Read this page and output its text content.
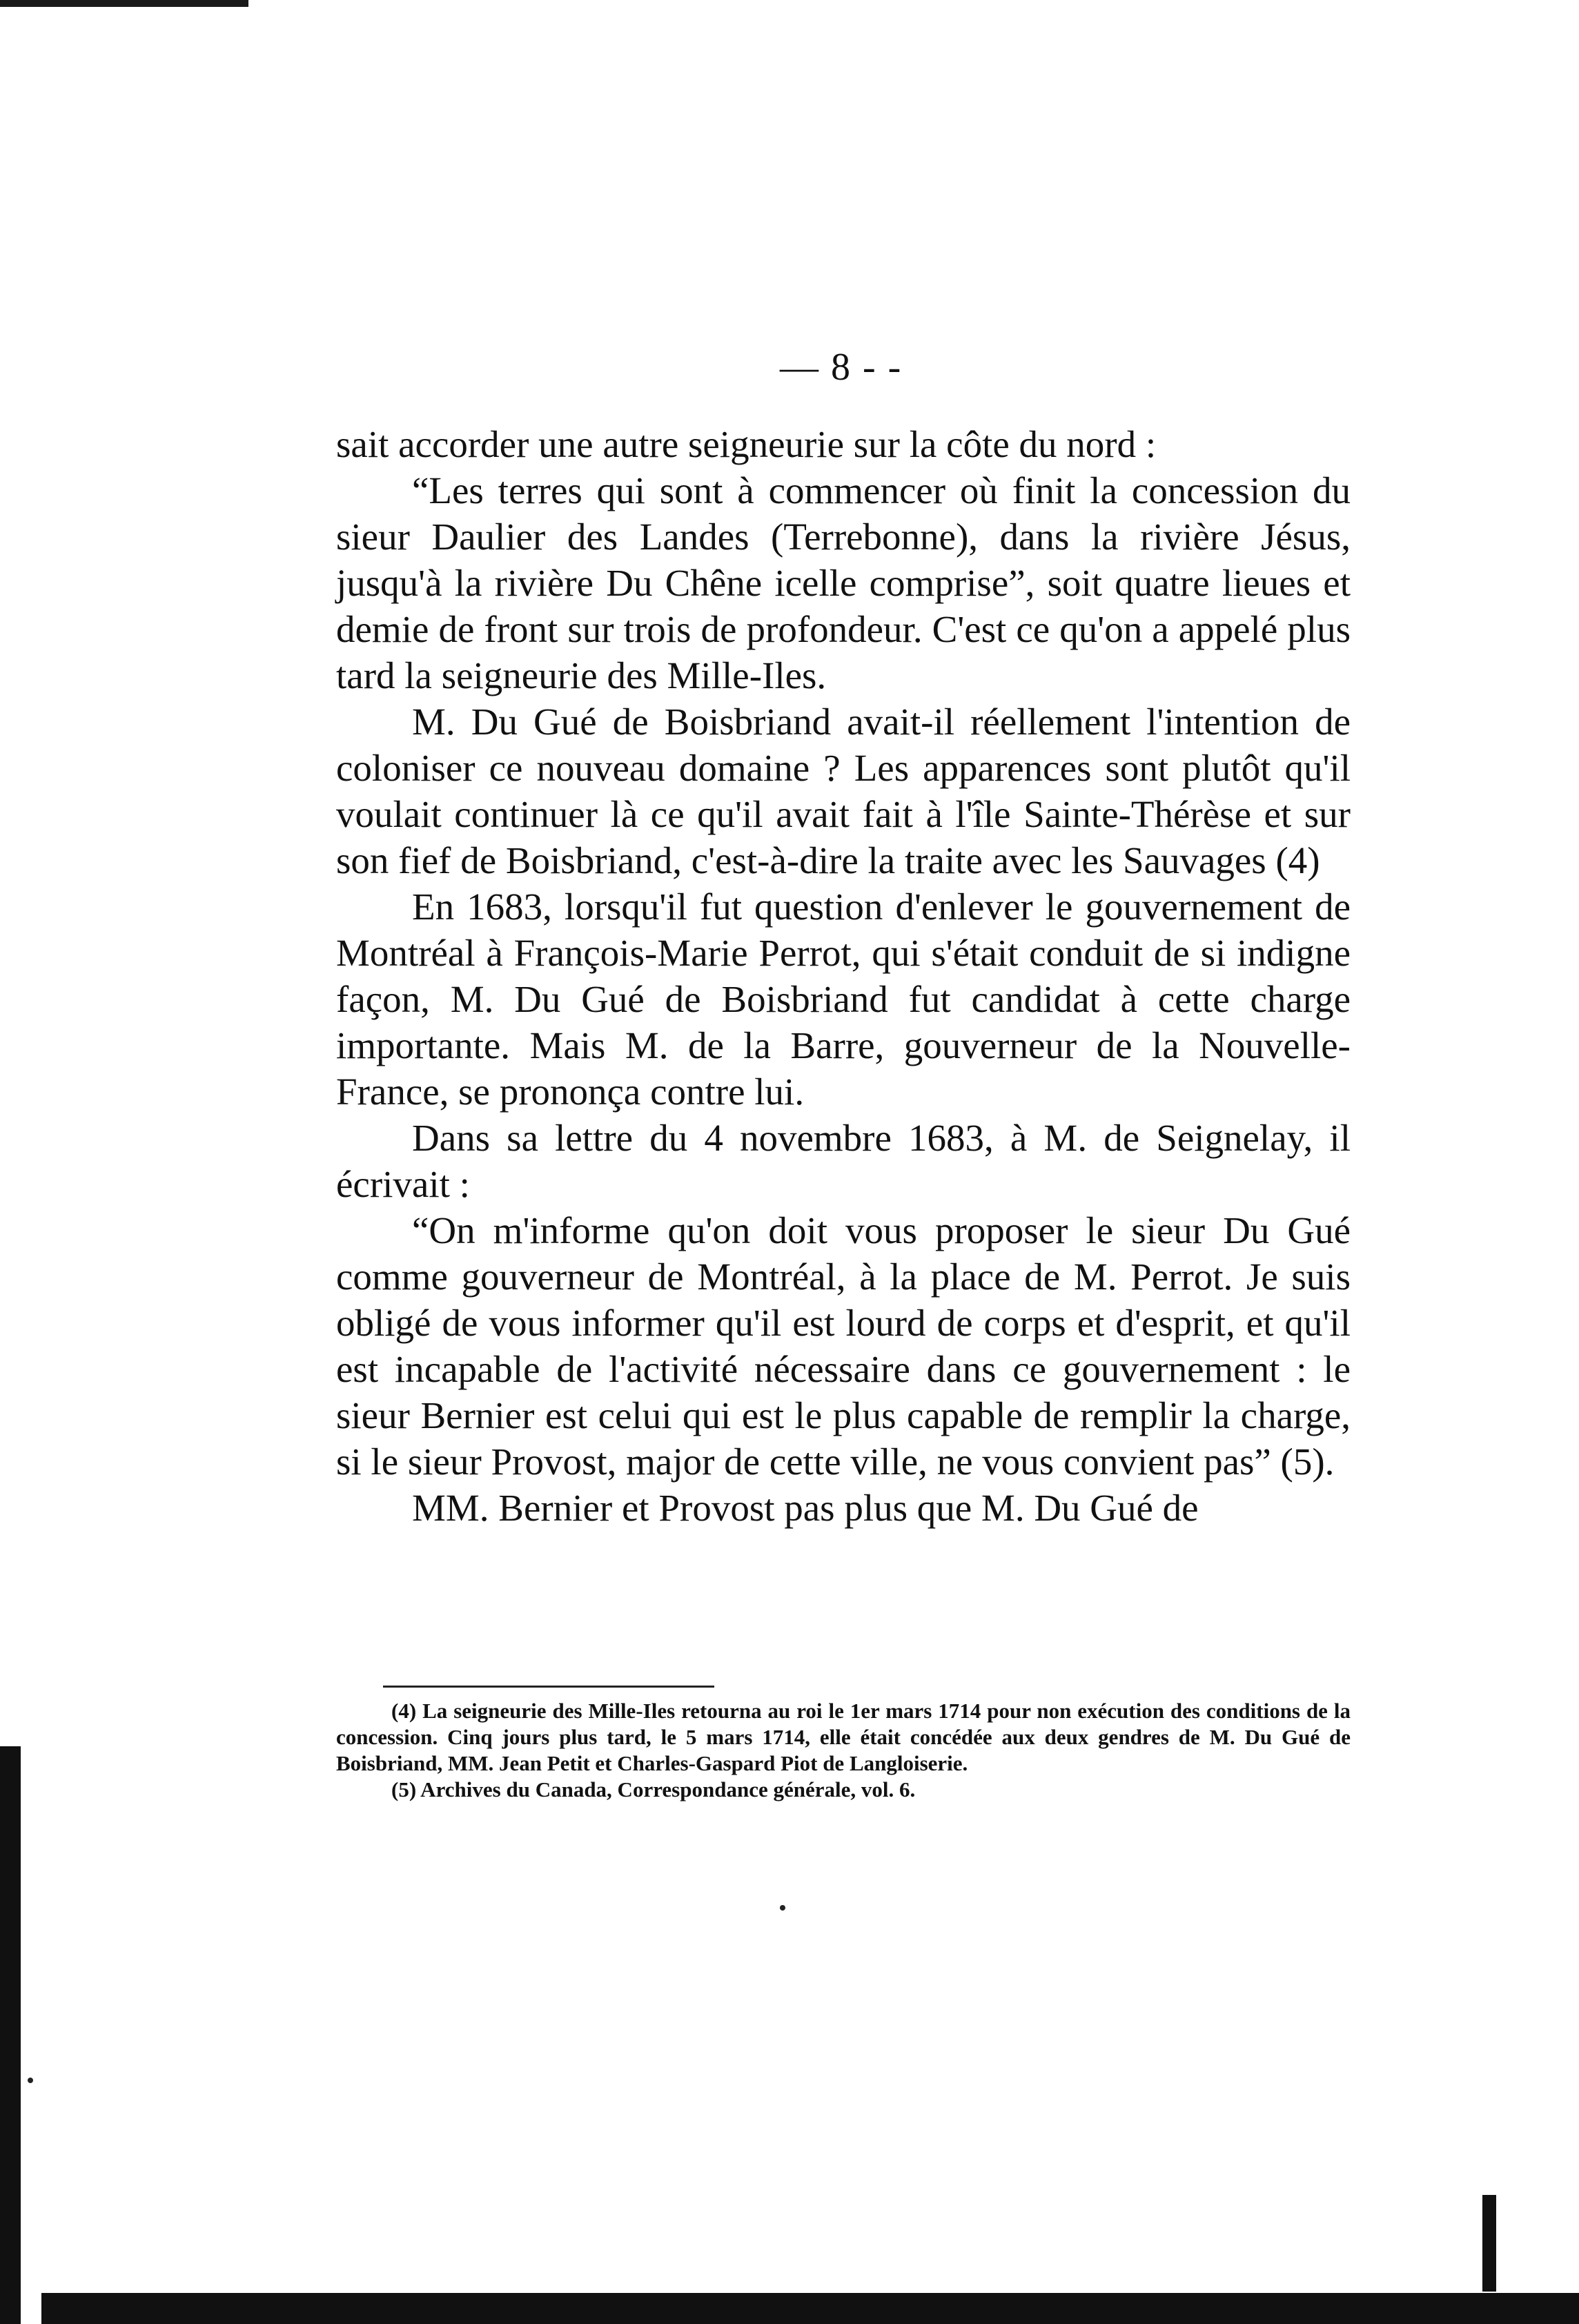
— 8 - -

sait accorder une autre seigneurie sur la côte du nord :

“Les terres qui sont à commencer où finit la concession du sieur Daulier des Landes (Terrebonne), dans la rivière Jésus, jusqu'à la rivière Du Chêne icelle comprise”, soit quatre lieues et demie de front sur trois de profondeur. C'est ce qu'on a appelé plus tard la seigneurie des Mille-Iles.

M. Du Gué de Boisbriand avait-il réellement l'intention de coloniser ce nouveau domaine ? Les apparences sont plutôt qu'il voulait continuer là ce qu'il avait fait à l'île Sainte-Thérèse et sur son fief de Boisbriand, c'est-à-dire la traite avec les Sauvages (4)

En 1683, lorsqu'il fut question d'enlever le gouvernement de Montréal à François-Marie Perrot, qui s'était conduit de si indigne façon, M. Du Gué de Boisbriand fut candidat à cette charge importante. Mais M. de la Barre, gouverneur de la Nouvelle-France, se prononça contre lui.

Dans sa lettre du 4 novembre 1683, à M. de Seignelay, il écrivait :

“On m'informe qu'on doit vous proposer le sieur Du Gué comme gouverneur de Montréal, à la place de M. Perrot. Je suis obligé de vous informer qu'il est lourd de corps et d'esprit, et qu'il est incapable de l'activité nécessaire dans ce gouvernement : le sieur Bernier est celui qui est le plus capable de remplir la charge, si le sieur Provost, major de cette ville, ne vous convient pas” (5).

MM. Bernier et Provost pas plus que M. Du Gué de

(4) La seigneurie des Mille-Iles retourna au roi le 1er mars 1714 pour non exécution des conditions de la concession. Cinq jours plus tard, le 5 mars 1714, elle était concédée aux deux gendres de M. Du Gué de Boisbriand, MM. Jean Petit et Charles-Gaspard Piot de Langloiserie.

(5) Archives du Canada, Correspondance générale, vol. 6.
